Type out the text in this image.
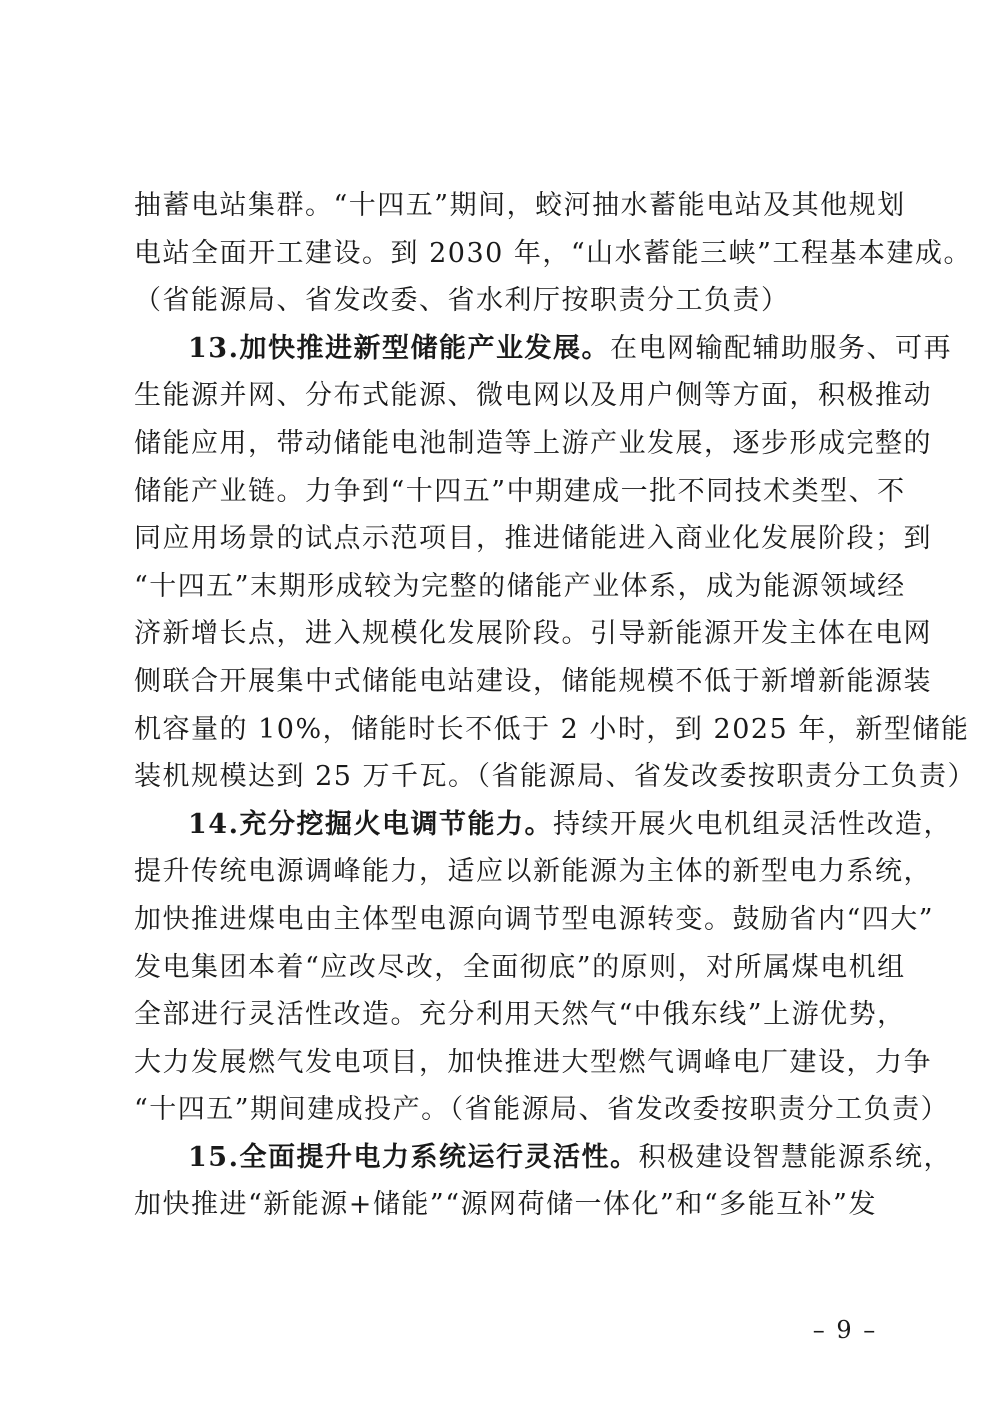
抽蓄电站集群。“十四五”期间，蛟河抽水蓄能电站及其他规划
电站全面开工建设。到 2030 年，“山水蓄能三峡”工程基本建成。
（省能源局、省发改委、省水利厅按职责分工负责）
13.加快推进新型储能产业发展。在电网输配辅助服务、可再
生能源并网、分布式能源、微电网以及用户侧等方面，积极推动
储能应用，带动储能电池制造等上游产业发展，逐步形成完整的
储能产业链。力争到“十四五”中期建成一批不同技术类型、不
同应用场景的试点示范项目，推进储能进入商业化发展阶段；到
“十四五”末期形成较为完整的储能产业体系，成为能源领域经
济新增长点，进入规模化发展阶段。引导新能源开发主体在电网
侧联合开展集中式储能电站建设，储能规模不低于新增新能源装
机容量的 10%，储能时长不低于 2 小时，到 2025 年，新型储能
装机规模达到 25 万千瓦。（省能源局、省发改委按职责分工负责）
14.充分挖掘火电调节能力。持续开展火电机组灵活性改造，
提升传统电源调峰能力，适应以新能源为主体的新型电力系统，
加快推进煤电由主体型电源向调节型电源转变。鼓励省内“四大”
发电集团本着“应改尽改，全面彻底”的原则，对所属煤电机组
全部进行灵活性改造。充分利用天然气“中俄东线”上游优势，
大力发展燃气发电项目，加快推进大型燃气调峰电厂建设，力争
“十四五”期间建成投产。（省能源局、省发改委按职责分工负责）
15.全面提升电力系统运行灵活性。积极建设智慧能源系统，
加快推进“新能源+储能”“源网荷储一体化”和“多能互补”发
– 9 –
